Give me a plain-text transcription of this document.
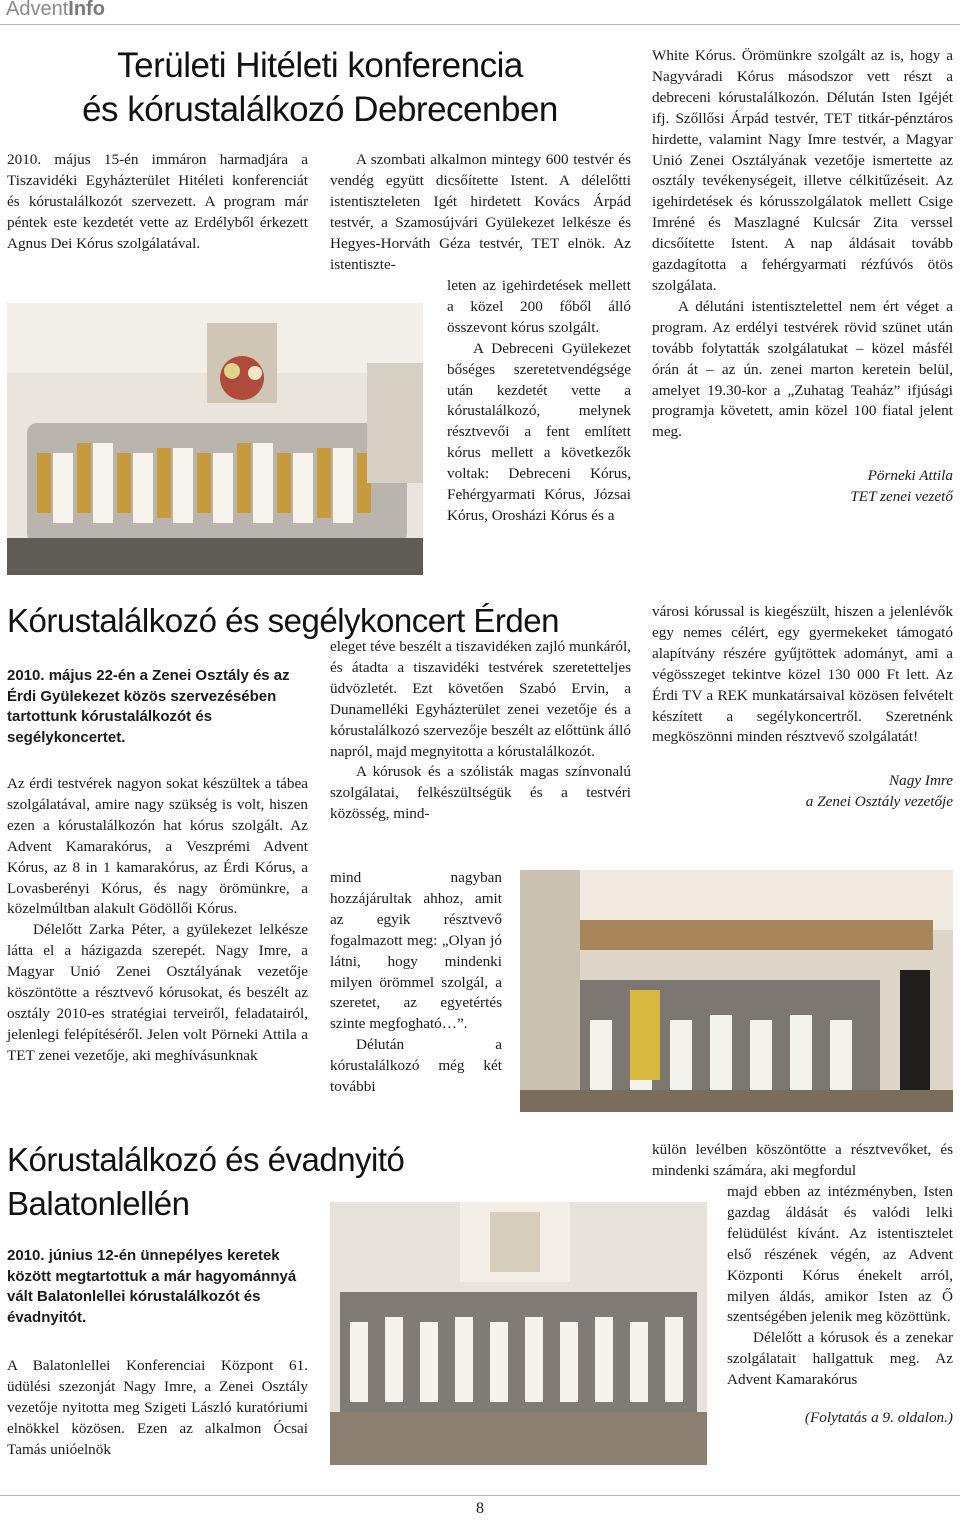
AdventInfo
Területi Hitéleti konferencia
és kórustalálkozó Debrecenben

2010. május 15-én immáron harmadjára a Tiszavidéki Egyházterület Hitéleti konferenciát és kórustalálkozót szervezett. A program már péntek este kezdetét vette az Erdélyből érkezett Agnus Dei Kórus szolgálatával.

A szombati alkalmon mintegy 600 testvér és vendég együtt dicsőítette Istent. A délelőtti istentiszteleten Igét hirdetett Kovács Árpád testvér, a Szamosújvári Gyülekezet lelkésze és Hegyes-Horváth Géza testvér, TET elnök. Az istentisztе-

leten az igehirdetések mellett a közel 200 főből álló összevont kórus szolgált.

A Debreceni Gyülekezet bőséges szeretetvendégsége után kezdetét vette a kórustalálkozó, melynek résztvevői a fent említett kórus mellett a következők voltak: Debreceni Kórus, Fehérgyarmati Kórus, Józsai Kórus, Orosházi Kórus és a

White Kórus. Örömünkre szolgált az is, hogy a Nagyváradi Kórus másodszor vett részt a debreceni kórustalálkozón. Délután Isten Igéjét ifj. Szőllősi Árpád testvér, TET titkár-pénztáros hirdette, valamint Nagy Imre testvér, a Magyar Unió Zenei Osztályának vezetője ismertette az osztály tevékenységeit, illetve célkitűzéseit. Az igehirdetések és kórusszolgálatok mellett Csige Imréné és Maszlagné Kulcsár Zita verssel dicsőítette Istent. A nap áldásait tovább gazdagította a fehérgyarmati rézfúvós ötös szolgálata.

A délutáni istentisztelettel nem ért véget a program. Az erdélyi testvérek rövid szünet után tovább folytatták szolgálatukat – közel másfél órán át – az ún. zenei marton keretein belül, amelyet 19.30-kor a „Zuhatag Teaház” ifjúsági programja követett, amin közel 100 fiatal jelent meg.

Pörneki Attila
TET zenei vezető
Kórustalálkozó és segélykoncert Érden

2010. május 22-én a Zenei Osztály és az Érdi Gyülekezet közös szervezésében tartottunk kórustalálkozót és segélykoncertet.

Az érdi testvérek nagyon sokat készültek a tábea szolgálatával, amire nagy szükség is volt, hiszen ezen a kórustalálkozón hat kórus szolgált. Az Advent Kamarakórus, a Veszprémi Advent Kórus, az 8 in 1 kamarakórus, az Érdi Kórus, a Lovasberényi Kórus, és nagy örömünkre, a közelmúltban alakult Gödöllői Kórus.

Délelőtt Zarka Péter, a gyülekezet lelkésze látta el a házigazda szerepét. Nagy Imre, a Magyar Unió Zenei Osztályának vezetője köszöntötte a résztvevő kórusokat, és beszélt az osztály 2010-es stratégiai terveiről, feladatairól, jelenlegi felépítéséről. Jelen volt Pörneki Attila a TET zenei vezetője, aki meghívásunknak

eleget téve beszélt a tiszavidéken zajló munkáról, és átadta a tiszavidéki testvérek szeretetteljes üdvözletét. Ezt követően Szabó Ervin, a Dunamelléki Egyházterület zenei vezetője és a kórustalálkozó szervezője beszélt az előttünk álló napról, majd megnyitotta a kórustalálkozót.

A kórusok és a szólisták magas színvonalú szolgálatai, felkészültségük és a testvéri közösség, mind-

mind nagyban hozzájárultak ahhoz, amit az egyik résztvevő fogalmazott meg: „Olyan jó látni, hogy mindenki milyen örömmel szolgál, a szeretet, az egyetértés szinte megfogható…”.

Délután a kórustalálkozó még két további

városi kórussal is kiegészült, hiszen a jelenlévők egy nemes célért, egy gyermekeket támogató alapítvány részére gyűjtöttek adományt, ami a végösszeget tekintve közel 130 000 Ft lett. Az Érdi TV a REK munkatársaival közösen felvételt készített a segélykoncertről. Szeretnénk megköszönni minden résztvevő szolgálatát!

Nagy Imre
a Zenei Osztály vezetője
Kórustalálkozó és évadnyitó
Balatonlellén

2010. június 12-én ünnepélyes keretek között megtartottuk a már hagyománnyá vált Balatonlellei kórustalálkozót és évadnyitót.

A Balatonlellei Konferenciai Központ 61. üdülési szezonját Nagy Imre, a Zenei Osztály vezetője nyitotta meg Szigeti László kuratóriumi elnökkel közösen. Ezen az alkalmon Ócsai Tamás unióelnök

külön levélben köszöntötte a résztvevőket, és mindenki számára, aki megfordul

majd ebben az intézményben, Isten gazdag áldását és valódi lelki felüdülést kívánt. Az istentisztelet első részének végén, az Advent Központi Kórus énekelt arról, milyen áldás, amikor Isten az Ő szentségében jelenik meg közöttünk.

Délelőtt a kórusok és a zenekar szolgálatait hallgattuk meg. Az Advent Kamarakórus

(Folytatás a 9. oldalon.)
8
